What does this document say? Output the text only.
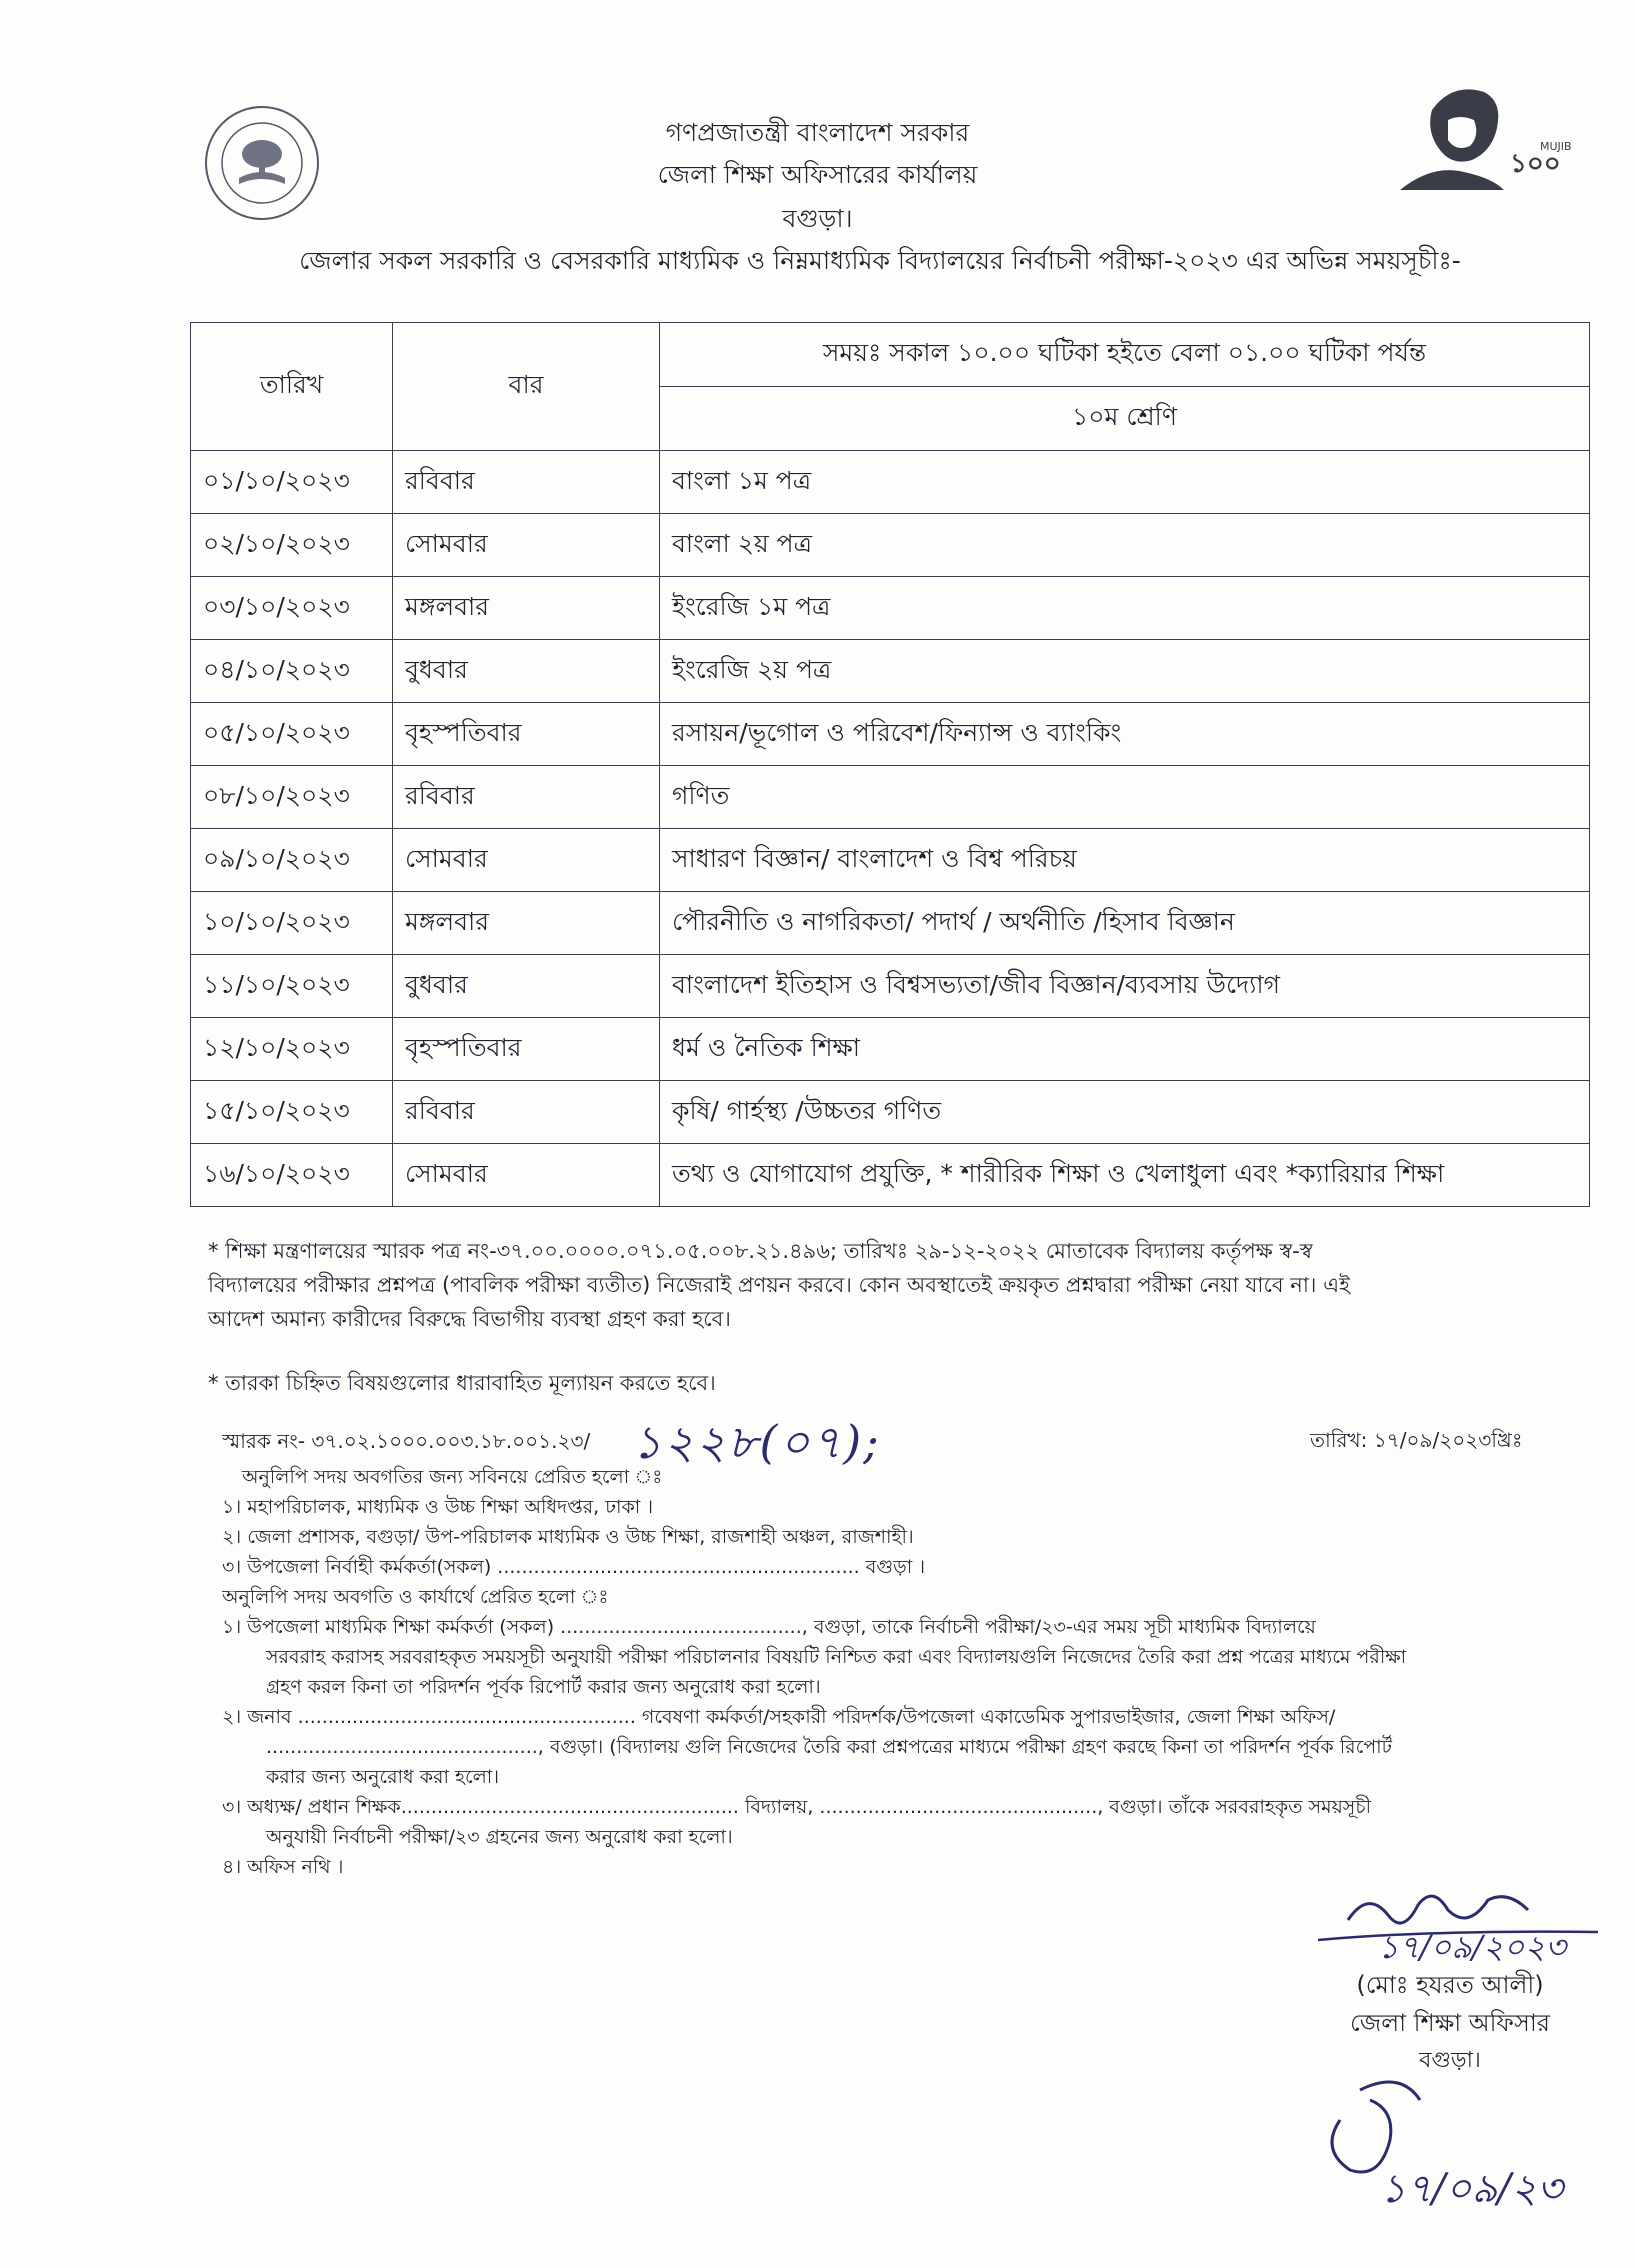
১০০
MUJIB
গণপ্রজাতন্ত্রী বাংলাদেশ সরকার
জেলা শিক্ষা অফিসারের কার্যালয়
বগুড়া।
জেলার সকল সরকারি ও বেসরকারি মাধ্যমিক ও নিম্নমাধ্যমিক বিদ্যালয়ের নির্বাচনী পরীক্ষা-২০২৩ এর অভিন্ন সময়সূচীঃ-
তারিখ	বার	সময়ঃ সকাল ১০.০০ ঘটিকা হইতে বেলা ০১.০০ ঘটিকা পর্যন্ত
		১০ম শ্রেণি
০১/১০/২০২৩	রবিবার	বাংলা ১ম পত্র
০২/১০/২০২৩	সোমবার	বাংলা ২য় পত্র
০৩/১০/২০২৩	মঙ্গলবার	ইংরেজি ১ম পত্র
০৪/১০/২০২৩	বুধবার	ইংরেজি ২য় পত্র
০৫/১০/২০২৩	বৃহস্পতিবার	রসায়ন/ভূগোল ও পরিবেশ/ফিন্যান্স ও ব্যাংকিং
০৮/১০/২০২৩	রবিবার	গণিত
০৯/১০/২০২৩	সোমবার	সাধারণ বিজ্ঞান/ বাংলাদেশ ও বিশ্ব পরিচয়
১০/১০/২০২৩	মঙ্গলবার	পৌরনীতি ও নাগরিকতা/ পদার্থ / অর্থনীতি /হিসাব বিজ্ঞান
১১/১০/২০২৩	বুধবার	বাংলাদেশ ইতিহাস ও বিশ্বসভ্যতা/জীব বিজ্ঞান/ব্যবসায় উদ্যোগ
১২/১০/২০২৩	বৃহস্পতিবার	ধর্ম ও নৈতিক শিক্ষা
১৫/১০/২০২৩	রবিবার	কৃষি/ গার্হস্থ্য /উচ্চতর গণিত
১৬/১০/২০২৩	সোমবার	তথ্য ও যোগাযোগ প্রযুক্তি, * শারীরিক শিক্ষা ও খেলাধুলা এবং *ক্যারিয়ার শিক্ষা
* শিক্ষা মন্ত্রণালয়ের স্মারক পত্র নং-৩৭.০০.০০০০.০৭১.০৫.০০৮.২১.৪৯৬; তারিখঃ ২৯-১২-২০২২ মোতাবেক বিদ্যালয় কর্তৃপক্ষ স্ব-স্ব
বিদ্যালয়ের পরীক্ষার প্রশ্নপত্র (পাবলিক পরীক্ষা ব্যতীত) নিজেরাই প্রণয়ন করবে। কোন অবস্থাতেই ক্রয়কৃত প্রশ্নদ্বারা পরীক্ষা নেয়া যাবে না। এই
আদেশ অমান্য কারীদের বিরুদ্ধে বিভাগীয় ব্যবস্থা গ্রহণ করা হবে।
* তারকা চিহ্নিত বিষয়গুলোর ধারাবাহিত মূল্যায়ন করতে হবে।
স্মারক নং- ৩৭.০২.১০০০.০০৩.১৮.০০১.২৩/ ১২২৮(০৭);	তারিখ: ১৭/০৯/২০২৩খ্রিঃ
অনুলিপি সদয় অবগতির জন্য সবিনয়ে প্রেরিত হলো ঃ
১। মহাপরিচালক, মাধ্যমিক ও উচ্চ শিক্ষা অধিদপ্তর, ঢাকা ।
২। জেলা প্রশাসক, বগুড়া/ উপ-পরিচালক মাধ্যমিক ও উচ্চ শিক্ষা, রাজশাহী অঞ্চল, রাজশাহী।
৩। উপজেলা নির্বাহী কর্মকর্তা(সকল) ............................................................ বগুড়া ।
অনুলিপি সদয় অবগতি ও কার্যার্থে প্রেরিত হলো ঃ
১। উপজেলা মাধ্যমিক শিক্ষা কর্মকর্তা (সকল) ........................................, বগুড়া, তাকে নির্বাচনী পরীক্ষা/২৩-এর সময় সূচী মাধ্যমিক বিদ্যালয়ে
সরবরাহ করাসহ সরবরাহকৃত সময়সূচী অনুযায়ী পরীক্ষা পরিচালনার বিষয়টি নিশ্চিত করা এবং বিদ্যালয়গুলি নিজেদের তৈরি করা প্রশ্ন পত্রের মাধ্যমে পরীক্ষা
গ্রহণ করল কিনা তা পরিদর্শন পূর্বক রিপোর্ট করার জন্য অনুরোধ করা হলো।
২। জনাব ........................................................ গবেষণা কর্মকর্তা/সহকারী পরিদর্শক/উপজেলা একাডেমিক সুপারভাইজার, জেলা শিক্ষা অফিস/
............................................., বগুড়া। (বিদ্যালয় গুলি নিজেদের তৈরি করা প্রশ্নপত্রের মাধ্যমে পরীক্ষা গ্রহণ করছে কিনা তা পরিদর্শন পূর্বক রিপোর্ট
করার জন্য অনুরোধ করা হলো।
৩। অধ্যক্ষ/ প্রধান শিক্ষক........................................................ বিদ্যালয়, .............................................., বগুড়া। তাঁকে সরবরাহকৃত সময়সূচী
অনুযায়ী নির্বাচনী পরীক্ষা/২৩ গ্রহনের জন্য অনুরোধ করা হলো।
৪। অফিস নথি ।
১৭/০৯/২০২৩
(মোঃ হযরত আলী)
জেলা শিক্ষা অফিসার
বগুড়া।
১৭/০৯/২৩
